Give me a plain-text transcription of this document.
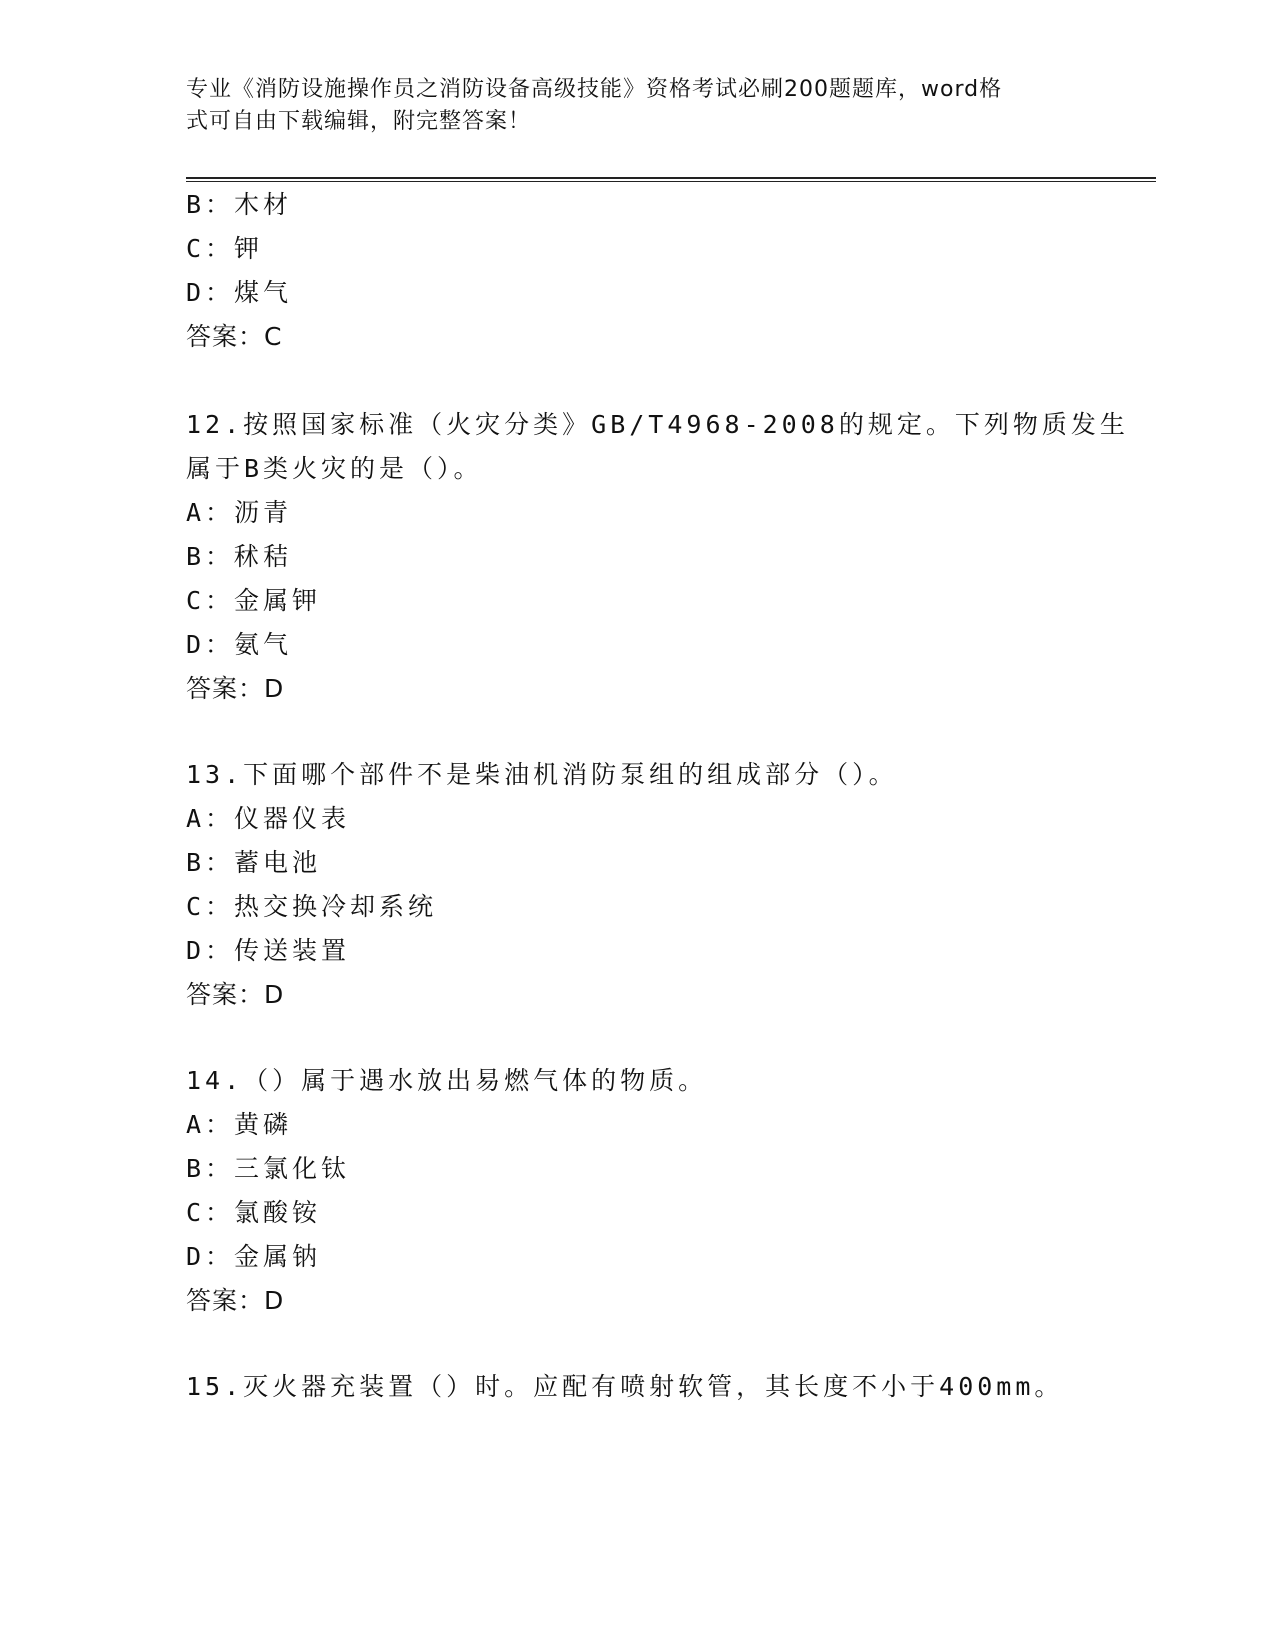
专业《消防设施操作员之消防设备高级技能》资格考试必刷200题题库，word格
式可自由下载编辑，附完整答案！
B：木材
C：钾
D：煤气
答案：C
12.按照国家标准（火灾分类》GB/T4968-2008的规定。下列物质发生
属于B类火灾的是（）。
A：沥青
B：秫秸
C：金属钾
D：氨气
答案：D
13.下面哪个部件不是柴油机消防泵组的组成部分（）。
A：仪器仪表
B：蓄电池
C：热交换冷却系统
D：传送装置
答案：D
14.（）属于遇水放出易燃气体的物质。
A：黄磷
B：三氯化钛
C：氯酸铵
D：金属钠
答案：D
15.灭火器充装置（）时。应配有喷射软管，其长度不小于400mm。
